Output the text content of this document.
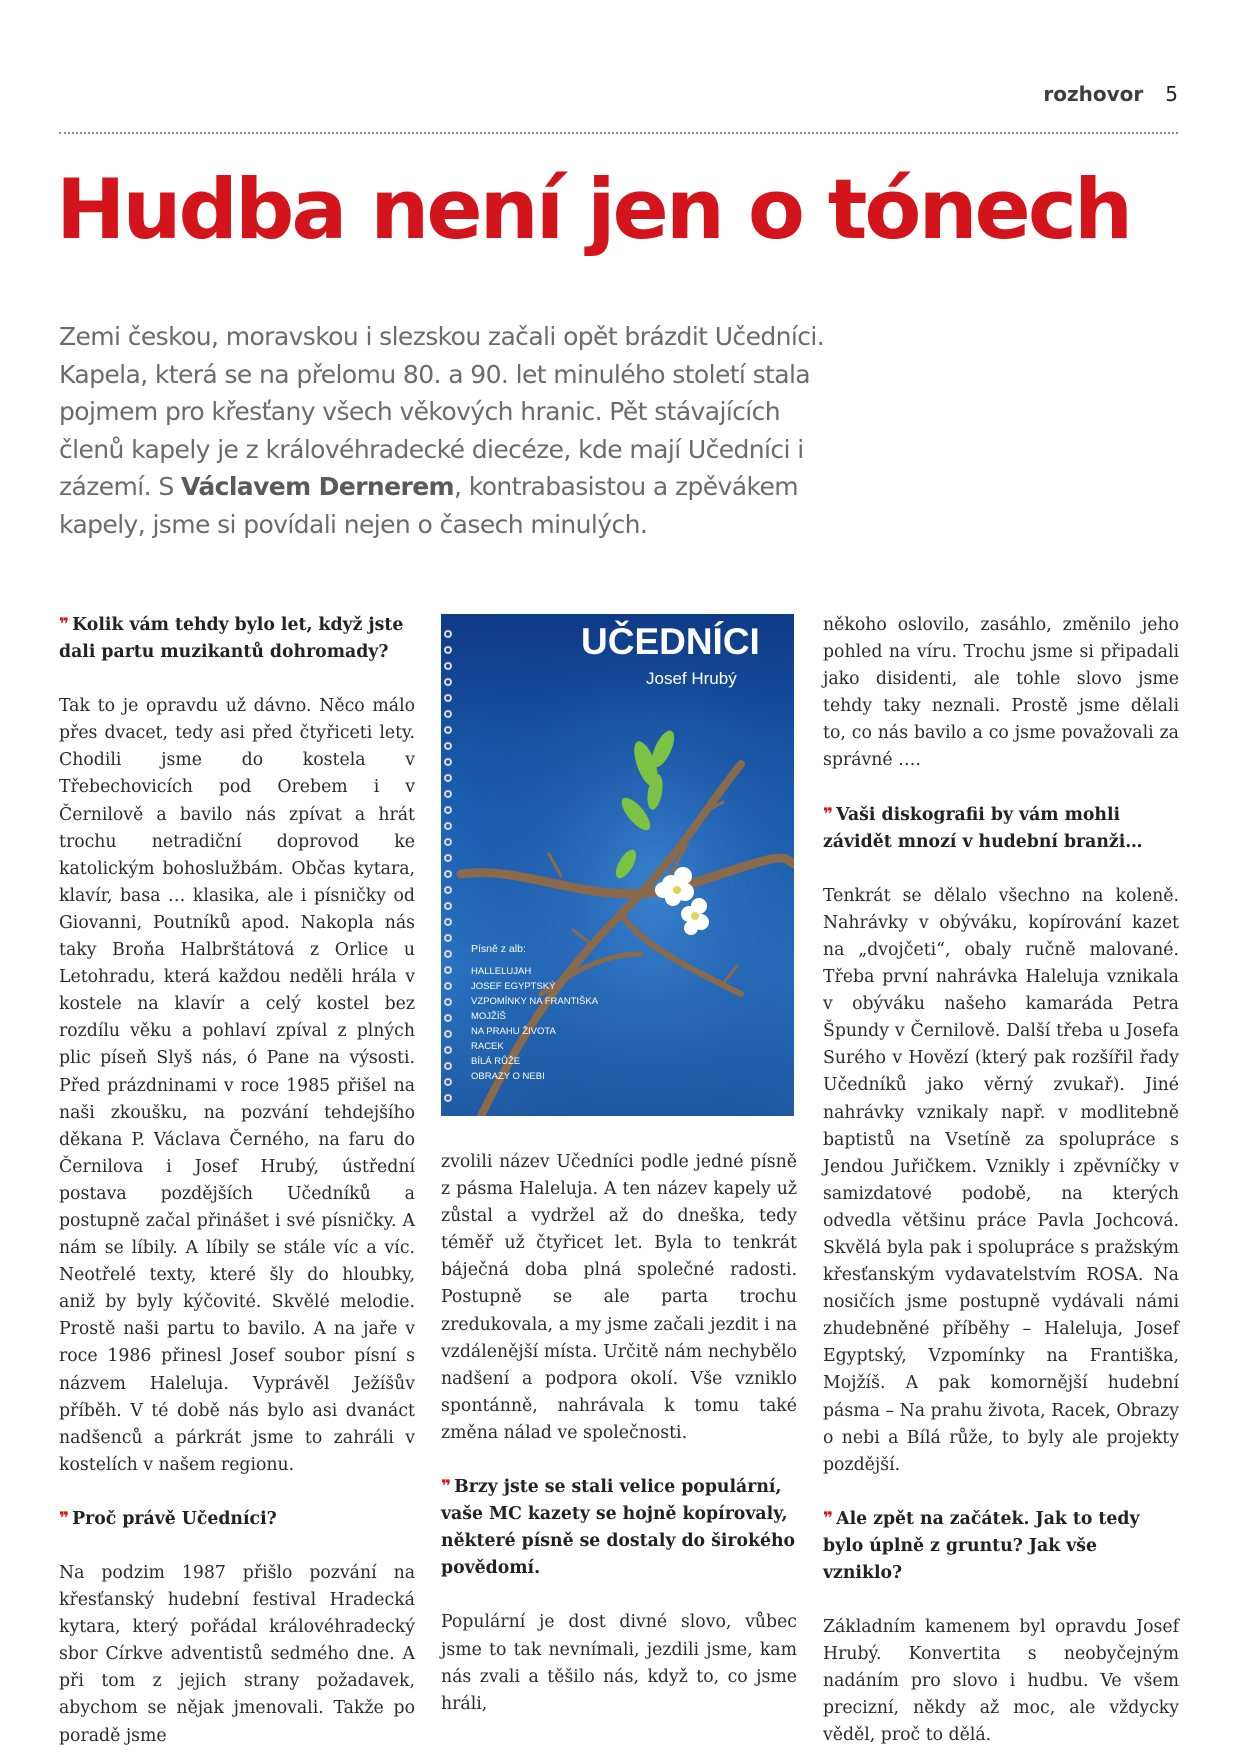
rozhovor 5
Hudba není jen o tónech

Zemi českou, moravskou i slezskou začali opět brázdit Učedníci. Kapela, která se na přelomu 80. a 90. let minulého století stala pojmem pro křesťany všech věkových hranic. Pět stávajících členů kapely je z královéhradecké diecéze, kde mají Učedníci i zázemí. S Václavem Dernerem, kontrabasistou a zpěvákem kapely, jsme si povídali nejen o časech minulých.

❞ Kolik vám tehdy bylo let, když jste dali partu muzikantů dohromady?

Tak to je opravdu už dávno. Něco málo přes dvacet, tedy asi před čtyřiceti lety. Chodili jsme do kostela v Třebechovicích pod Orebem i v Černilově a bavilo nás zpívat a hrát trochu netradiční doprovod ke katolickým bohoslužbám. Občas kytara, klavír, basa … klasika, ale i písničky od Giovanni, Poutníků apod. Nakopla nás taky Broňa Halbrštátová z Orlice u Letohradu, která každou neděli hrála v kostele na klavír a celý kostel bez rozdílu věku a pohlaví zpíval z plných plic píseň Slyš nás, ó Pane na výsosti. Před prázdninami v roce 1985 přišel na naši zkoušku, na pozvání tehdejšího děkana P. Václava Černého, na faru do Černilova i Josef Hrubý, ústřední postava pozdějších Učedníků a postupně začal přinášet i své písničky. A nám se líbily. A líbily se stále víc a víc. Neotřelé texty, které šly do hloubky, aniž by byly kýčovité. Skvělé melodie. Prostě naši partu to bavilo. A na jaře v roce 1986 přinesl Josef soubor písní s názvem Haleluja. Vyprávěl Ježíšův příběh. V té době nás bylo asi dvanáct nadšenců a párkrát jsme to zahráli v kostelích v našem regionu.

❞ Proč právě Učedníci?

Na podzim 1987 přišlo pozvání na křesťanský hudební festival Hradecká kytara, který pořádal královéhradecký sbor Církve adventistů sedmého dne. A při tom z jejich strany požadavek, abychom se nějak jmenovali. Takže po poradě jsme

UČEDNÍCI
Josef Hrubý
Písně z alb:
HALLELUJAH
JOSEF EGYPTSKÝ
VZPOMÍNKY NA FRANTIŠKA
MOJŽÍŠ
NA PRAHU ŽIVOTA
RACEK
BÍLÁ RŮŽE
OBRAZY O NEBI

zvolili název Učedníci podle jedné písně z pásma Haleluja. A ten název kapely už zůstal a vydržel až do dneška, tedy téměř už čtyřicet let. Byla to tenkrát báječná doba plná společné radosti. Postupně se ale parta trochu zredukovala, a my jsme začali jezdit i na vzdálenější místa. Určitě nám nechybělo nadšení a podpora okolí. Vše vzniklo spontánně, nahrávala k tomu také změna nálad ve společnosti.

❞ Brzy jste se stali velice populární, vaše MC kazety se hojně kopírovaly, některé písně se dostaly do širokého povědomí.

Populární je dost divné slovo, vůbec jsme to tak nevnímali, jezdili jsme, kam nás zvali a těšilo nás, když to, co jsme hráli,

někoho oslovilo, zasáhlo, změnilo jeho pohled na víru. Trochu jsme si připadali jako disidenti, ale tohle slovo jsme tehdy taky neznali. Prostě jsme dělali to, co nás bavilo a co jsme považovali za správné ….

❞ Vaši diskografii by vám mohli závidět mnozí v hudební branži…

Tenkrát se dělalo všechno na koleně. Nahrávky v obýváku, kopírování kazet na „dvojčeti“, obaly ručně malované. Třeba první nahrávka Haleluja vznikala v obýváku našeho kamaráda Petra Špundy v Černilově. Další třeba u Josefa Surého v Hovězí (který pak rozšířil řady Učedníků jako věrný zvukař). Jiné nahrávky vznikaly např. v modlitebně baptistů na Vsetíně za spolupráce s Jendou Juřičkem. Vznikly i zpěvníčky v samizdatové podobě, na kterých odvedla většinu práce Pavla Jochcová. Skvělá byla pak i spolupráce s pražským křesťanským vydavatelstvím ROSA. Na nosičích jsme postupně vydávali námi zhudebněné příběhy – Haleluja, Josef Egyptský, Vzpomínky na Františka, Mojžíš. A pak komornější hudební pásma – Na prahu života, Racek, Obrazy o nebi a Bílá růže, to byly ale projekty pozdější.

❞ Ale zpět na začátek. Jak to tedy bylo úplně z gruntu? Jak vše vzniklo?

Základním kamenem byl opravdu Josef Hrubý. Konvertita s neobyčejným nadáním pro slovo i hudbu. Ve všem precizní, někdy až moc, ale vždycky věděl, proč to dělá.
